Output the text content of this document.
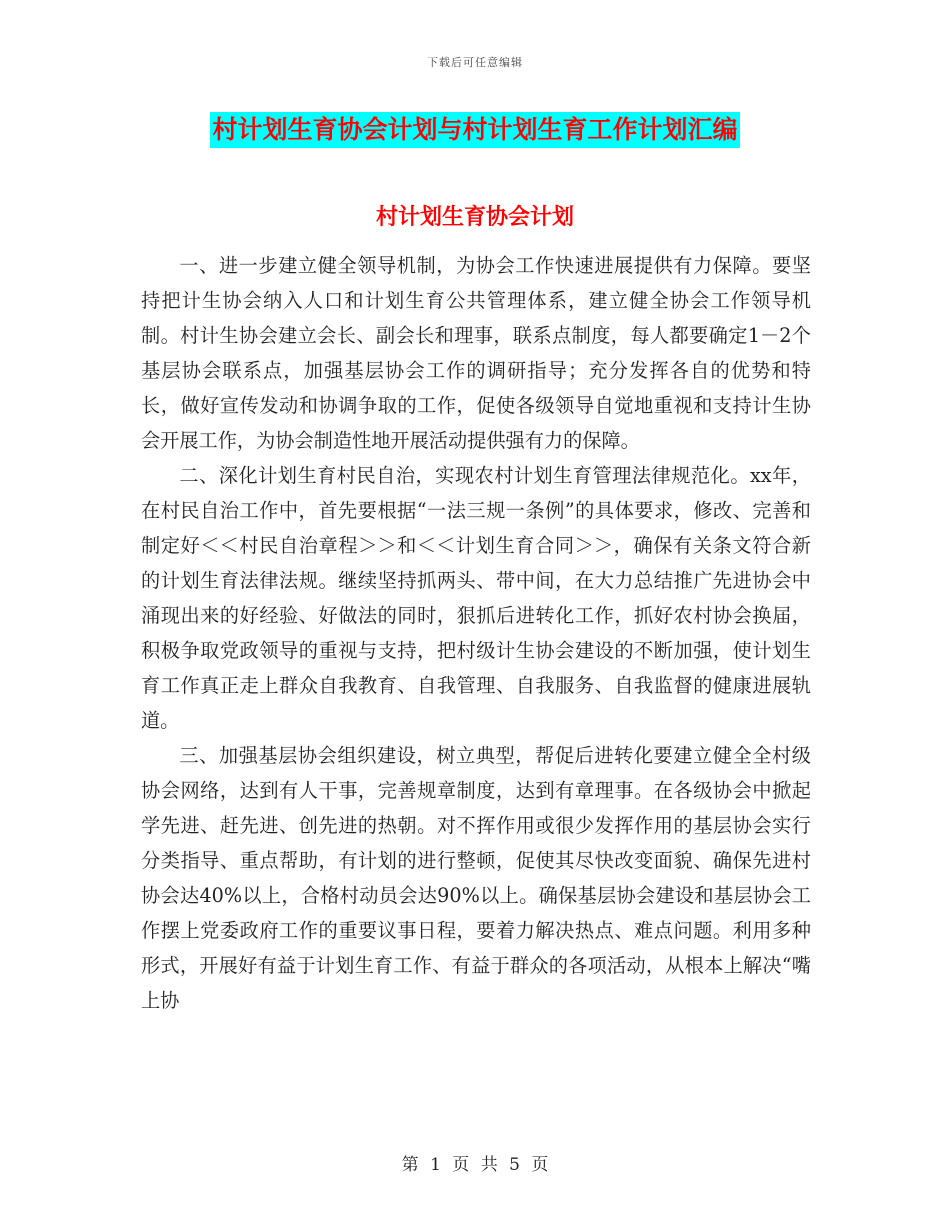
下载后可任意编辑
村计划生育协会计划与村计划生育工作计划汇编
村计划生育协会计划

一、进一步建立健全领导机制，为协会工作快速进展提供有力保障。要坚持把计生协会纳入人口和计划生育公共管理体系，建立健全协会工作领导机制。村计生协会建立会长、副会长和理事，联系点制度，每人都要确定1－2个基层协会联系点，加强基层协会工作的调研指导；充分发挥各自的优势和特长，做好宣传发动和协调争取的工作，促使各级领导自觉地重视和支持计生协会开展工作，为协会制造性地开展活动提供强有力的保障。

二、深化计划生育村民自治，实现农村计划生育管理法律规范化。xx年，在村民自治工作中，首先要根据“一法三规一条例”的具体要求，修改、完善和制定好＜＜村民自治章程＞＞和＜＜计划生育合同＞＞，确保有关条文符合新的计划生育法律法规。继续坚持抓两头、带中间，在大力总结推广先进协会中涌现出来的好经验、好做法的同时，狠抓后进转化工作，抓好农村协会换届，积极争取党政领导的重视与支持，把村级计生协会建设的不断加强，使计划生育工作真正走上群众自我教育、自我管理、自我服务、自我监督的健康进展轨道。

三、加强基层协会组织建设，树立典型，帮促后进转化要建立健全全村级协会网络，达到有人干事，完善规章制度，达到有章理事。在各级协会中掀起学先进、赶先进、创先进的热朝。对不挥作用或很少发挥作用的基层协会实行分类指导、重点帮助，有计划的进行整顿，促使其尽快改变面貌、确保先进村协会达40%以上，合格村动员会达90%以上。确保基层协会建设和基层协会工作摆上党委政府工作的重要议事日程，要着力解决热点、难点问题。利用多种形式，开展好有益于计划生育工作、有益于群众的各项活动，从根本上解决“嘴上协

第 1 页 共 5 页
